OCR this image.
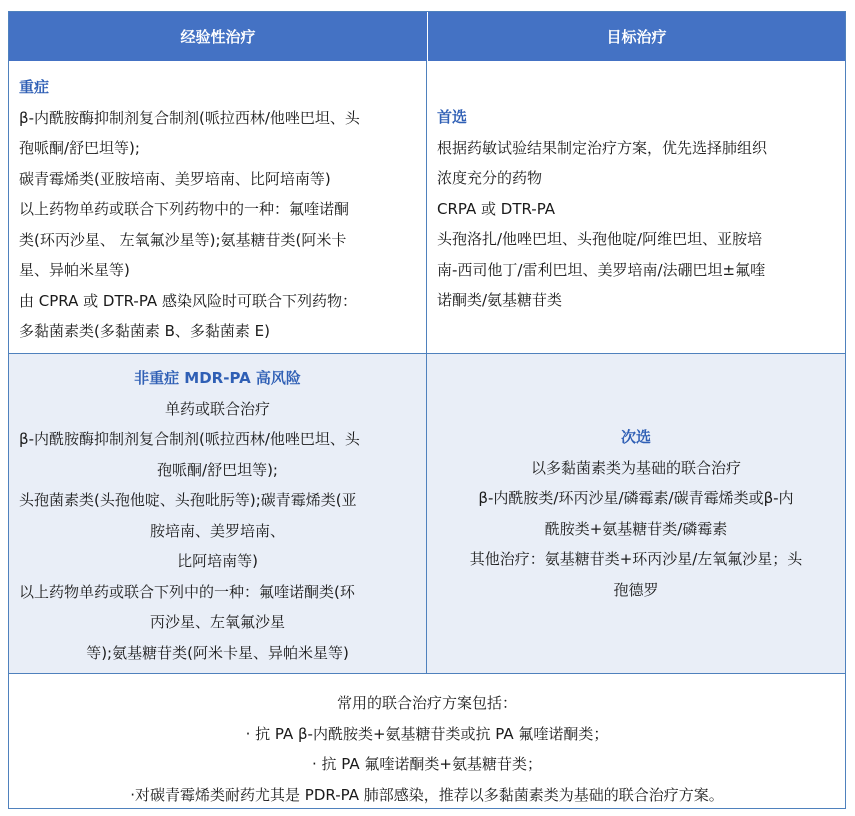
经验性治疗	目标治疗

重症

β-内酰胺酶抑制剂复合制剂(哌拉西林/他唑巴坦、头

孢哌酮/舒巴坦等);

碳青霉烯类(亚胺培南、美罗培南、比阿培南等)

以上药物单药或联合下列药物中的一种：氟喹诺酮

类(环丙沙星、 左氧氟沙星等);氨基糖苷类(阿米卡

星、异帕米星等)

由 CPRA 或 DTR-PA 感染风险时可联合下列药物：

多黏菌素类(多黏菌素 B、多黏菌素 E)

首选

根据药敏试验结果制定治疗方案，优先选择肺组织

浓度充分的药物

CRPA 或 DTR-PA

头孢洛扎/他唑巴坦、头孢他啶/阿维巴坦、亚胺培

南-西司他丁/雷利巴坦、美罗培南/法硼巴坦±氟喹

诺酮类/氨基糖苷类

非重症 MDR-PA 高风险

单药或联合治疗

β-内酰胺酶抑制剂复合制剂(哌拉西林/他唑巴坦、头

孢哌酮/舒巴坦等);

头孢菌素类(头孢他啶、头孢吡肟等);碳青霉烯类(亚

胺培南、美罗培南、

比阿培南等)

以上药物单药或联合下列中的一种：氟喹诺酮类(环

丙沙星、左氧氟沙星

等);氨基糖苷类(阿米卡星、异帕米星等)

次选

以多黏菌素类为基础的联合治疗

β-内酰胺类/环丙沙星/磷霉素/碳青霉烯类或β-内

酰胺类+氨基糖苷类/磷霉素

其他治疗：氨基糖苷类+环丙沙星/左氧氟沙星；头

孢德罗

常用的联合治疗方案包括：

· 抗 PA β-内酰胺类+氨基糖苷类或抗 PA 氟喹诺酮类；

· 抗 PA 氟喹诺酮类+氨基糖苷类；

·对碳青霉烯类耐药尤其是 PDR-PA 肺部感染，推荐以多黏菌素类为基础的联合治疗方案。
